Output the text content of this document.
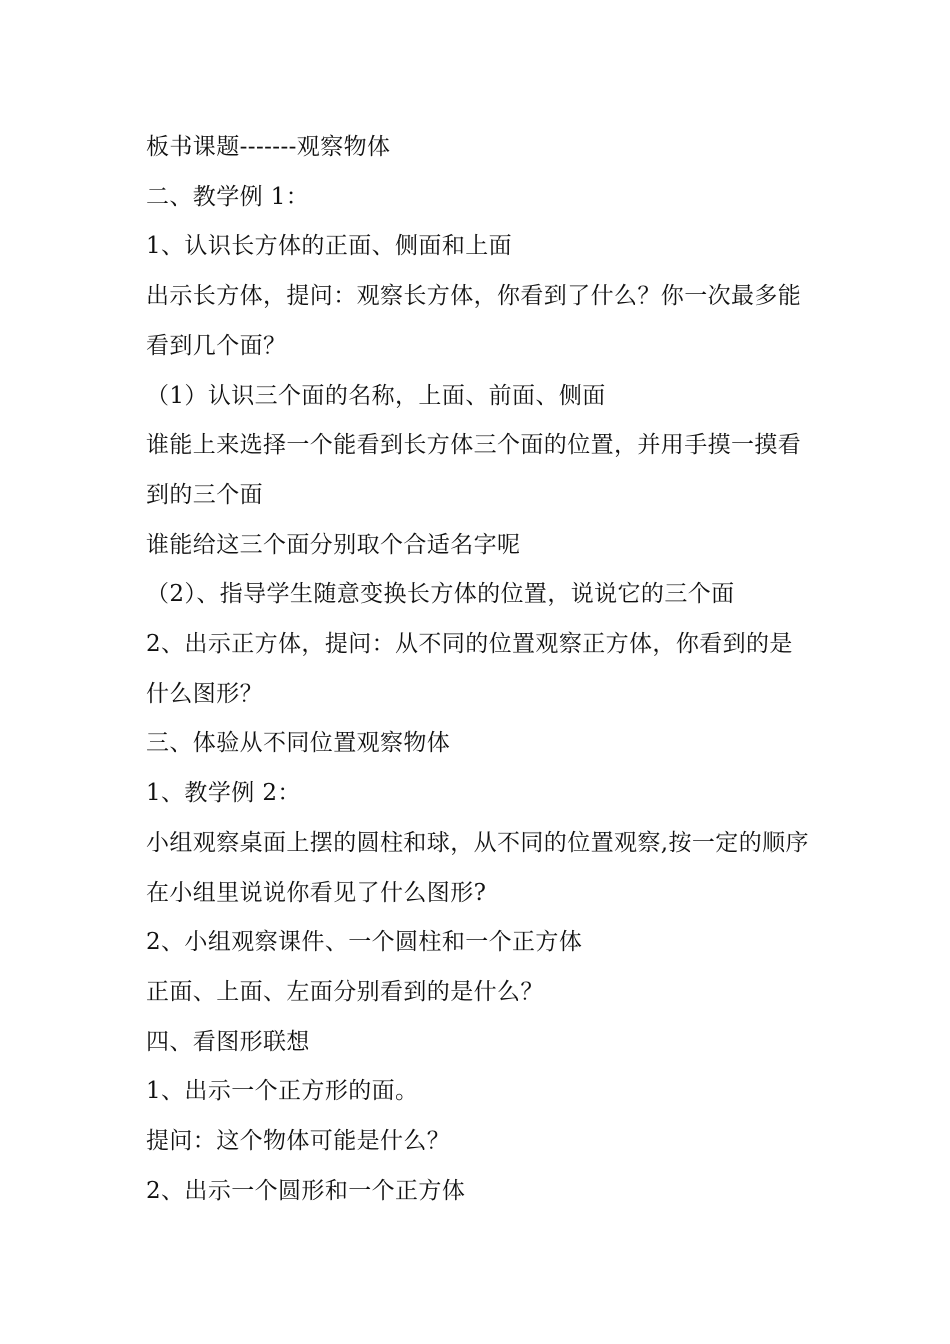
板书课题-------观察物体

二、教学例 1：

1、认识长方体的正面、侧面和上面

出示长方体，提问：观察长方体，你看到了什么？你一次最多能看到几个面？

（1）认识三个面的名称，上面、前面、侧面

谁能上来选择一个能看到长方体三个面的位置，并用手摸一摸看到的三个面

谁能给这三个面分别取个合适名字呢

（2）、指导学生随意变换长方体的位置，说说它的三个面

2、出示正方体，提问：从不同的位置观察正方体，你看到的是什么图形？

三、体验从不同位置观察物体

1、教学例 2：

小组观察桌面上摆的圆柱和球，从不同的位置观察,按一定的顺序在小组里说说你看见了什么图形?

2、小组观察课件、一个圆柱和一个正方体

正面、上面、左面分别看到的是什么？

四、看图形联想

1、出示一个正方形的面。

提问：这个物体可能是什么？

2、出示一个圆形和一个正方体
